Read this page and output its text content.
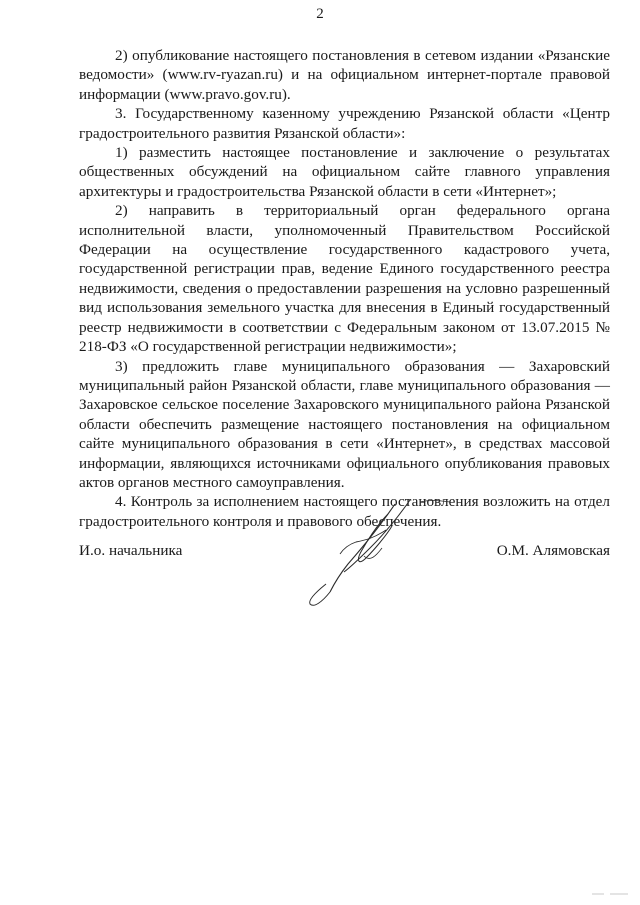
2

2) опубликование настоящего постановления в сетевом издании «Рязанские ведомости» (www.rv-ryazan.ru) и на официальном интернет-портале правовой информации (www.pravo.gov.ru).

3. Государственному казенному учреждению Рязанской области «Центр градостроительного развития Рязанской области»:

1) разместить настоящее постановление и заключение о результатах общественных обсуждений на официальном сайте главного управления архитектуры и градостроительства Рязанской области в сети «Интернет»;

2) направить в территориальный орган федерального органа исполнительной власти, уполномоченный Правительством Российской Федерации на осуществление государственного кадастрового учета, государственной регистрации прав, ведение Единого государственного реестра недвижимости, сведения о предоставлении разрешения на условно разрешенный вид использования земельного участка для внесения в Единый государственный реестр недвижимости в соответствии с Федеральным законом от 13.07.2015 № 218-ФЗ «О государственной регистрации недвижимости»;

3) предложить главе муниципального образования — Захаровский муниципальный район Рязанской области, главе муниципального образования — Захаровское сельское поселение Захаровского муниципального района Рязанской области обеспечить размещение настоящего постановления на официальном сайте муниципального образования в сети «Интернет», в средствах массовой информации, являющихся источниками официального опубликования правовых актов органов местного самоуправления.

4. Контроль за исполнением настоящего постановления возложить на отдел градостроительного контроля и правового обеспечения.

И.о. начальника	О.М. Алямовская
